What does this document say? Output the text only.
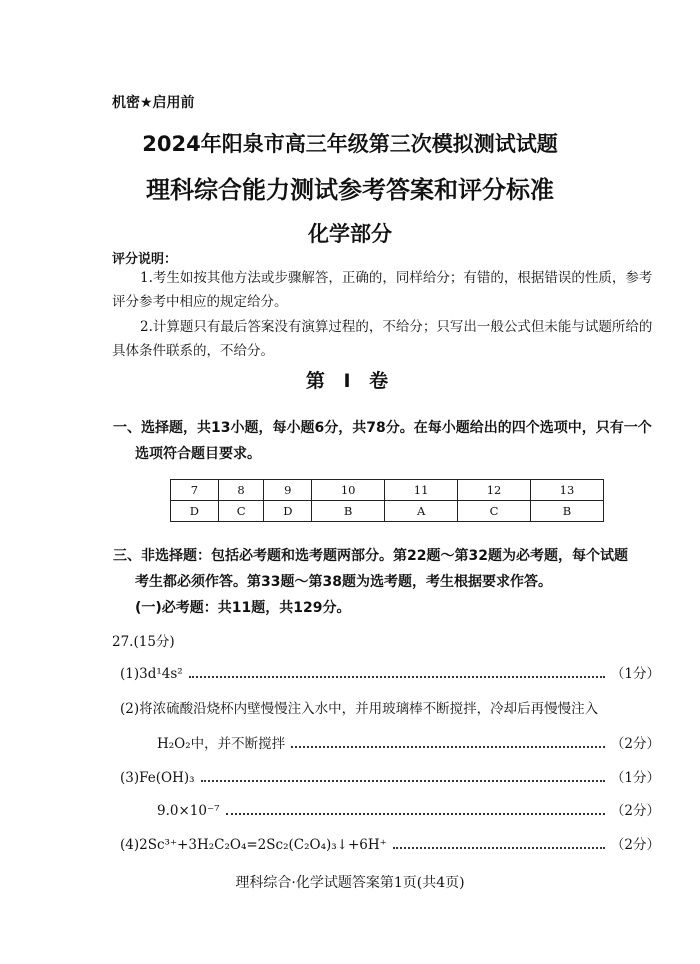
机密★启用前
2024年阳泉市高三年级第三次模拟测试试题
理科综合能力测试参考答案和评分标准
化学部分
评分说明：
1.考生如按其他方法或步骤解答，正确的，同样给分；有错的，根据错误的性质，参考评分参考中相应的规定给分。
2.计算题只有最后答案没有演算过程的，不给分；只写出一般公式但未能与试题所给的具体条件联系的，不给分。
第 I 卷
一、选择题，共13小题，每小题6分，共78分。在每小题给出的四个选项中，只有一个
选项符合题目要求。
7	8	9	10	11	12	13
D	C	D	B	A	C	B
三、非选择题：包括必考题和选考题两部分。第22题～第32题为必考题，每个试题
考生都必须作答。第33题～第38题为选考题，考生根据要求作答。
(一)必考题：共11题，共129分。
27.(15分)
(1) 3d¹4s²	（1分）
(2) 将浓硫酸沿烧杯内壁慢慢注入水中，并用玻璃棒不断搅拌，冷却后再慢慢注入
H₂O₂中，并不断搅拌	（2分）
(3) Fe(OH)₃	（1分）
9.0×10⁻⁷	（2分）
(4) 2Sc³⁺+3H₂C₂O₄=2Sc₂(C₂O₄)₃↓+6H⁺	（2分）
理科综合·化学试题答案第1页(共4页)
